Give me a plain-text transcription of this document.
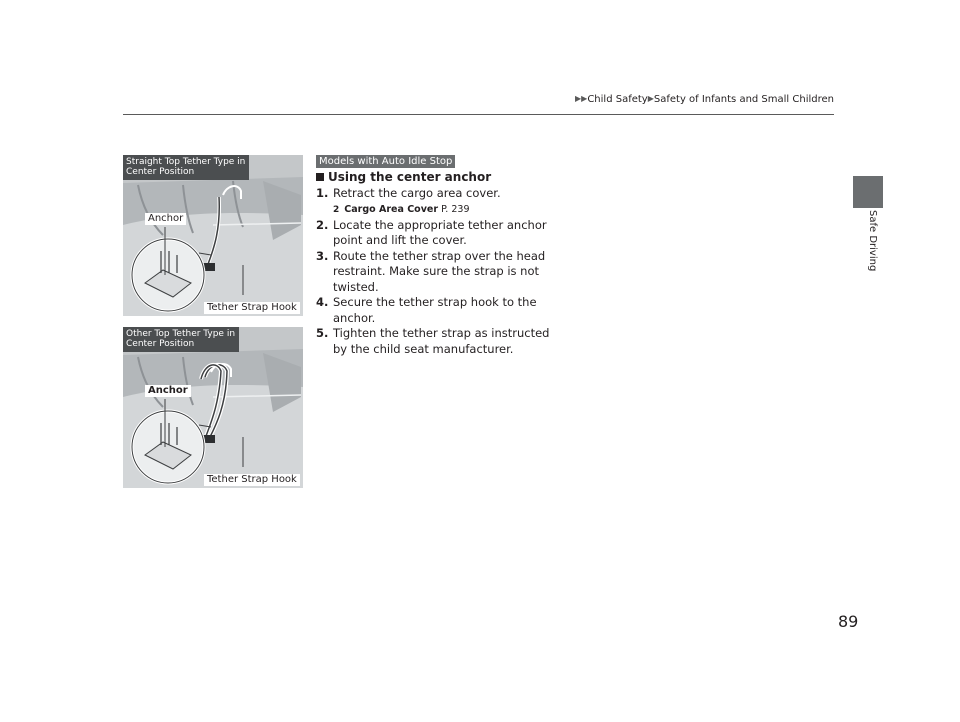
▶▶Child Safety▶Safety of Infants and Small Children
Safe Driving
Straight Top Tether Type in
Center Position
Anchor
Tether Strap Hook
Other Top Tether Type in
Center Position
Anchor
Tether Strap Hook
Models with Auto Idle Stop
Using the center anchor
1. Retract the cargo area cover.
2 Cargo Area Cover P. 239
2. Locate the appropriate tether anchor point and lift the cover.
3. Route the tether strap over the head restraint. Make sure the strap is not twisted.
4. Secure the tether strap hook to the anchor.
5. Tighten the tether strap as instructed by the child seat manufacturer.
89
